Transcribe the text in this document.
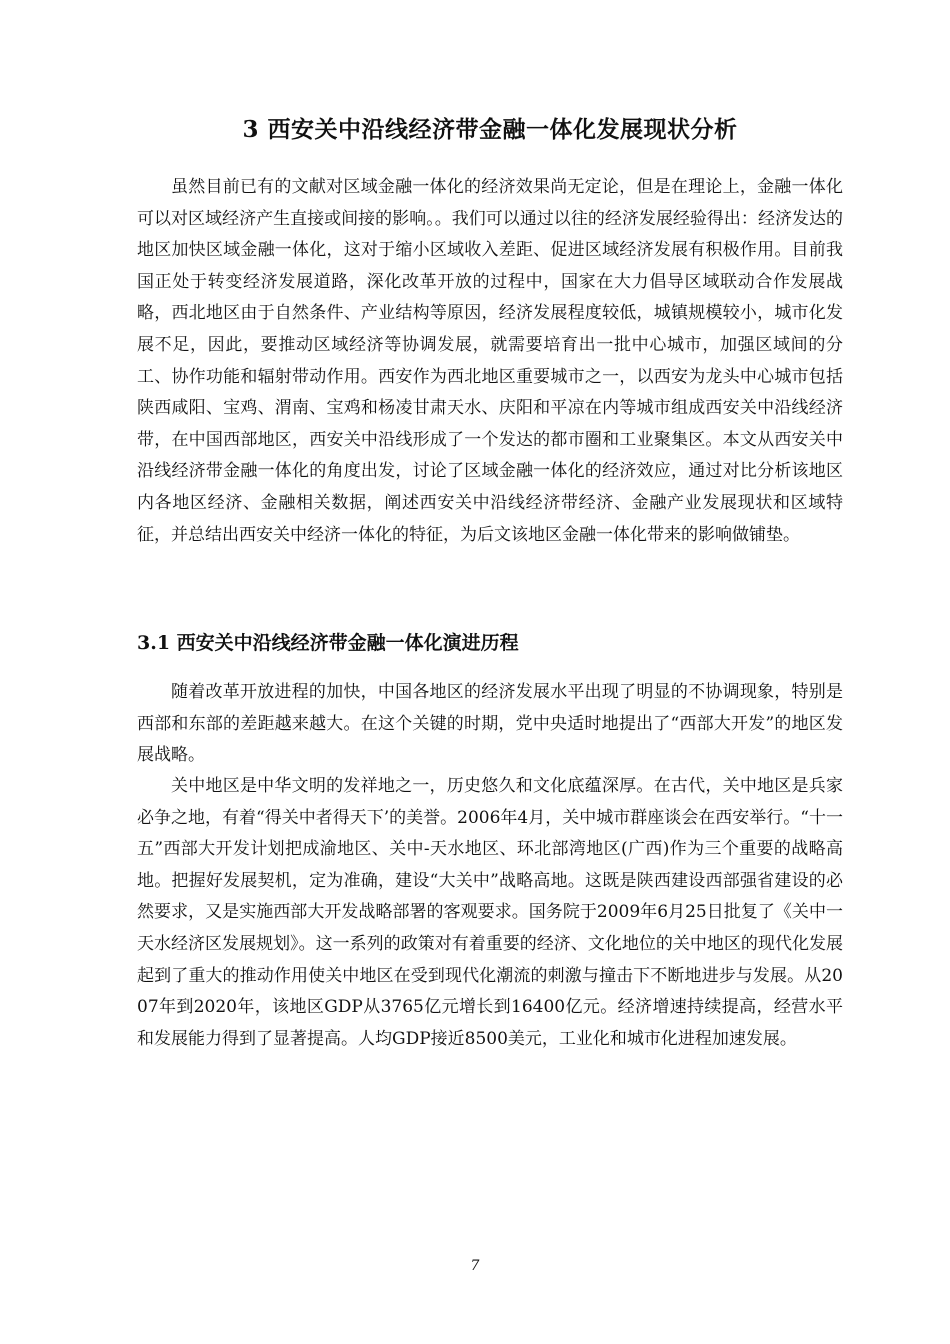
3 西安关中沿线经济带金融一体化发展现状分析

虽然目前已有的文献对区域金融一体化的经济效果尚无定论，但是在理论上，金融一体化可以对区域经济产生直接或间接的影响。。我们可以通过以往的经济发展经验得出：经济发达的地区加快区域金融一体化，这对于缩小区域收入差距、促进区域经济发展有积极作用。目前我国正处于转变经济发展道路，深化改革开放的过程中，国家在大力倡导区域联动合作发展战略，西北地区由于自然条件、产业结构等原因，经济发展程度较低，城镇规模较小，城市化发展不足，因此，要推动区域经济等协调发展，就需要培育出一批中心城市，加强区域间的分工、协作功能和辐射带动作用。西安作为西北地区重要城市之一，以西安为龙头中心城市包括陕西咸阳、宝鸡、渭南、宝鸡和杨凌甘肃天水、庆阳和平凉在内等城市组成西安关中沿线经济带，在中国西部地区，西安关中沿线形成了一个发达的都市圈和工业聚集区。本文从西安关中沿线经济带金融一体化的角度出发，讨论了区域金融一体化的经济效应，通过对比分析该地区内各地区经济、金融相关数据，阐述西安关中沿线经济带经济、金融产业发展现状和区域特征，并总结出西安关中经济一体化的特征，为后文该地区金融一体化带来的影响做铺垫。

3.1 西安关中沿线经济带金融一体化演进历程

随着改革开放进程的加快，中国各地区的经济发展水平出现了明显的不协调现象，特别是西部和东部的差距越来越大。在这个关键的时期，党中央适时地提出了“西部大开发”的地区发展战略。

关中地区是中华文明的发祥地之一，历史悠久和文化底蕴深厚。在古代，关中地区是兵家必争之地，有着“得关中者得天下’的美誉。2006年4月，关中城市群座谈会在西安举行。“十一五”西部大开发计划把成渝地区、关中-天水地区、环北部湾地区(广西)作为三个重要的战略高地。把握好发展契机，定为准确，建设“大关中”战略高地。这既是陕西建设西部强省建设的必然要求，又是实施西部大开发战略部署的客观要求。国务院于2009年6月25日批复了《关中一天水经济区发展规划》。这一系列的政策对有着重要的经济、文化地位的关中地区的现代化发展起到了重大的推动作用使关中地区在受到现代化潮流的刺激与撞击下不断地进步与发展。从2007年到2020年，该地区GDP从3765亿元增长到16400亿元。经济增速持续提高，经营水平和发展能力得到了显著提高。人均GDP接近8500美元，工业化和城市化进程加速发展。

7
